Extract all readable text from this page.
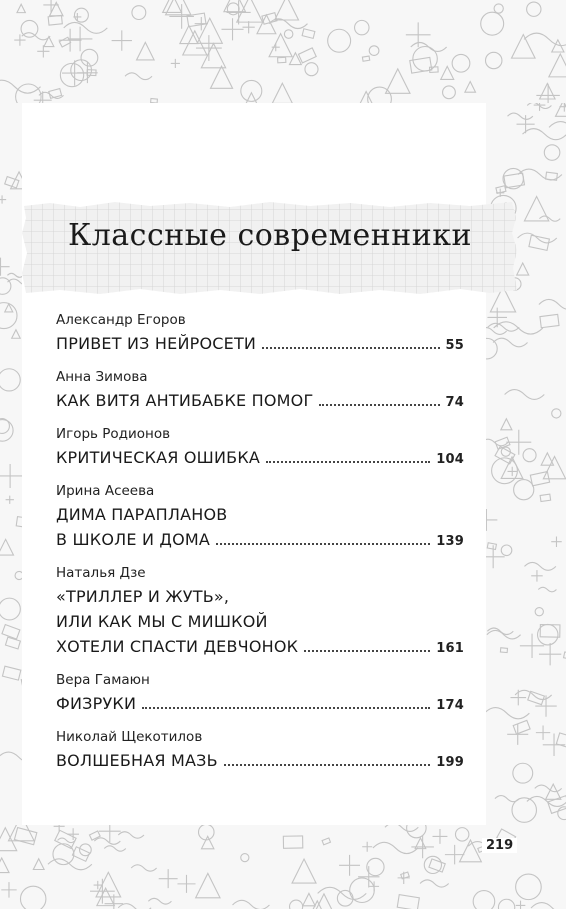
Классные современники
Александр Егоров
ПРИВЕТ ИЗ НЕЙРОСЕТИ	55
Анна Зимова
КАК ВИТЯ АНТИБАБКЕ ПОМОГ	74
Игорь Родионов
КРИТИЧЕСКАЯ ОШИБКА	104
Ирина Асеева
ДИМА ПАРАПЛАНОВ
В ШКОЛЕ И ДОМА	139
Наталья Дзе
«ТРИЛЛЕР И ЖУТЬ»,
ИЛИ КАК МЫ С МИШКОЙ
ХОТЕЛИ СПАСТИ ДЕВЧОНОК	161
Вера Гамаюн
ФИЗРУКИ	174
Николай Щекотилов
ВОЛШЕБНАЯ МАЗЬ	199
219
